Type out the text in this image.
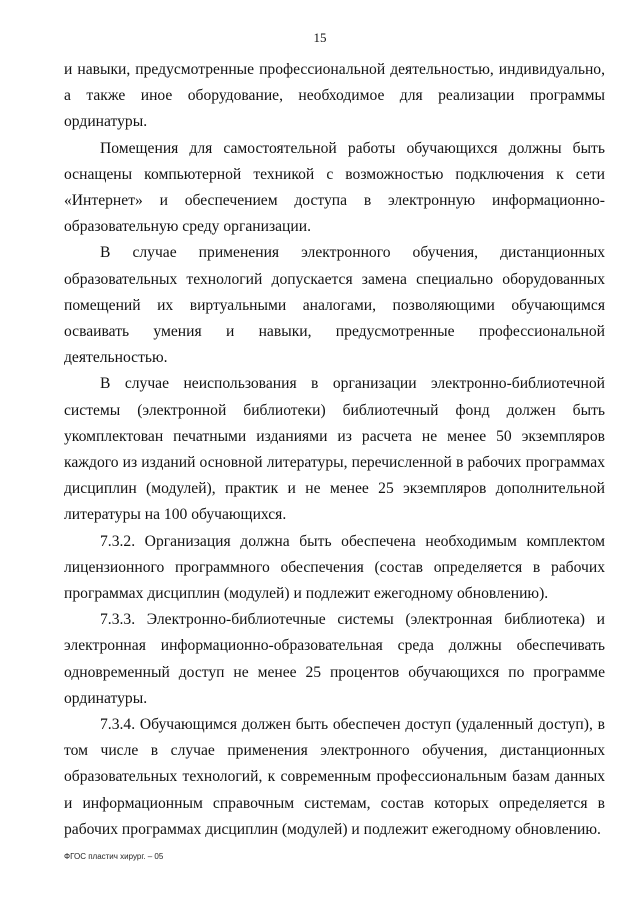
15

и навыки, предусмотренные профессиональной деятельностью, индивидуально, а также иное оборудование, необходимое для реализации программы ординатуры.

Помещения для самостоятельной работы обучающихся должны быть оснащены компьютерной техникой с возможностью подключения к сети «Интернет» и обеспечением доступа в электронную информационно-образовательную среду организации.

В случае применения электронного обучения, дистанционных образовательных технологий допускается замена специально оборудованных помещений их виртуальными аналогами, позволяющими обучающимся осваивать умения и навыки, предусмотренные профессиональной деятельностью.

В случае неиспользования в организации электронно-библиотечной системы (электронной библиотеки) библиотечный фонд должен быть укомплектован печатными изданиями из расчета не менее 50 экземпляров каждого из изданий основной литературы, перечисленной в рабочих программах дисциплин (модулей), практик и не менее 25 экземпляров дополнительной литературы на 100 обучающихся.

7.3.2. Организация должна быть обеспечена необходимым комплектом лицензионного программного обеспечения (состав определяется в рабочих программах дисциплин (модулей) и подлежит ежегодному обновлению).

7.3.3. Электронно-библиотечные системы (электронная библиотека) и электронная информационно-образовательная среда должны обеспечивать одновременный доступ не менее 25 процентов обучающихся по программе ординатуры.

7.3.4. Обучающимся должен быть обеспечен доступ (удаленный доступ), в том числе в случае применения электронного обучения, дистанционных образовательных технологий, к современным профессиональным базам данных и информационным справочным системам, состав которых определяется в рабочих программах дисциплин (модулей) и подлежит ежегодному обновлению.

ФГОС пластич хирург. – 05
